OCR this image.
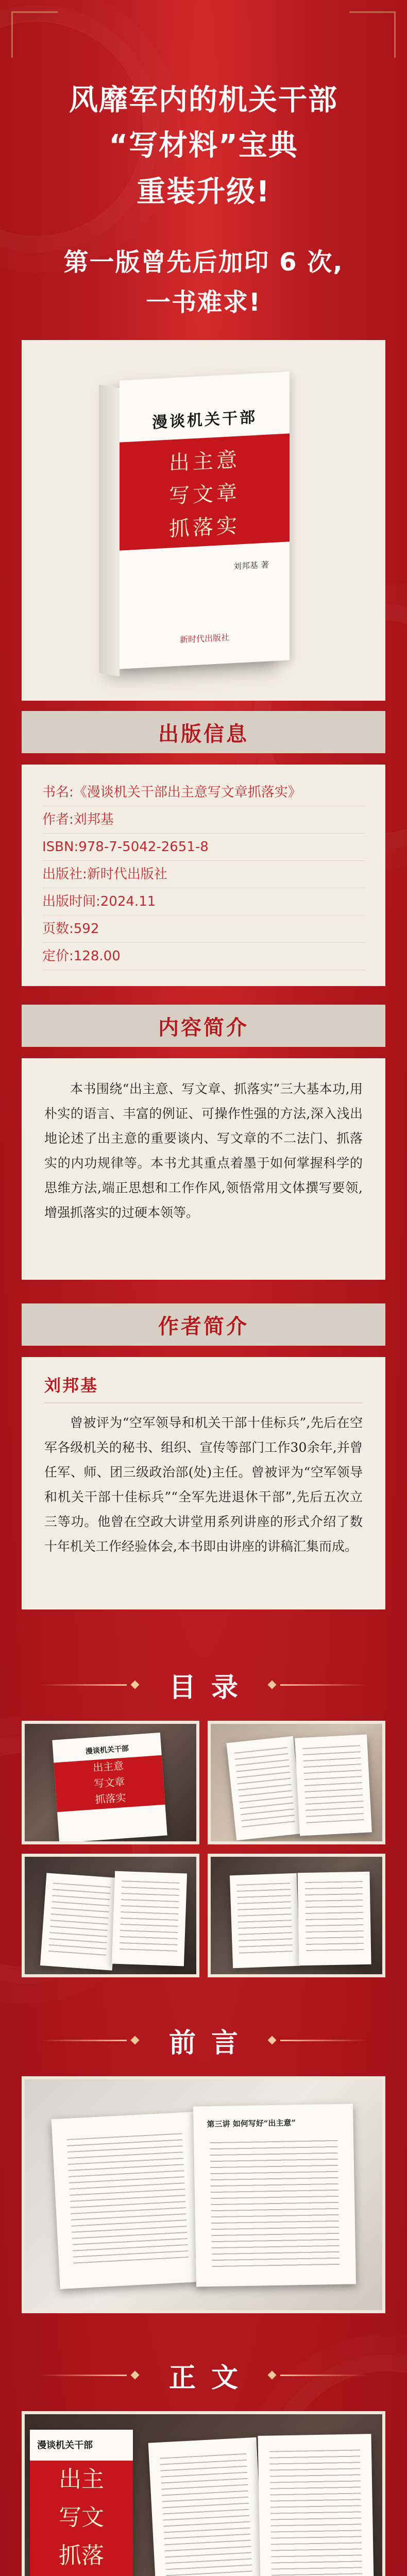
风靡军内的机关干部
“写材料”宝典
重装升级!
第一版曾先后加印 6 次,
一书难求!
漫谈机关干部
出主意
写文章
抓落实
刘邦基 著
新时代出版社
出版信息
书名:《漫谈机关干部出主意写文章抓落实》
作者:刘邦基
ISBN:978-7-5042-2651-8
出版社:新时代出版社
出版时间:2024.11
页数:592
定价:128.00
内容简介

本书围绕“出主意、写文章、抓落实”三大基本功,用朴实的语言、丰富的例证、可操作性强的方法,深入浅出地论述了出主意的重要谈内、写文章的不二法门、抓落实的内功规律等。本书尤其重点着墨于如何掌握科学的思维方法,端正思想和工作作风,领悟常用文体撰写要领,增强抓落实的过硬本领等。

作者简介
刘邦基

曾被评为“空军领导和机关干部十佳标兵”,先后在空军各级机关的秘书、组织、宣传等部门工作30余年,并曾任军、师、团三级政治部(处)主任。曾被评为“空军领导和机关干部十佳标兵”“全军先进退休干部”,先后五次立三等功。他曾在空政大讲堂用系列讲座的形式介绍了数十年机关工作经验体会,本书即由讲座的讲稿汇集而成。

目录
漫谈机关干部
出主意
写文章
抓落实
前言
第三讲 如何写好“出主意”
正文
漫谈机关干部
出主
写文
抓落
